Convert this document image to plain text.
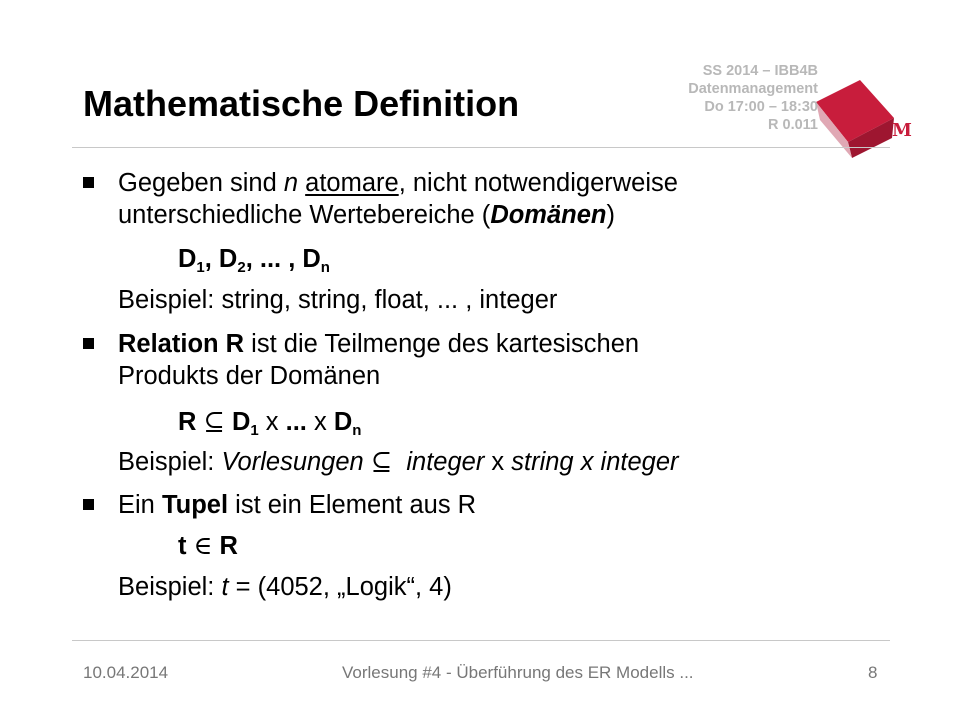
M
SS 2014 – IBB4B
Datenmanagement
Do 17:00 – 18:30
R 0.011
Mathematische Definition
Gegeben sind n atomare, nicht notwendigerweise
unterschiedliche Wertebereiche (Domänen)
$D_1$, $D_2$, ... , $D_n$
Beispiel: string, string, float, ... , integer
Relation R ist die Teilmenge des kartesischen
Produkts der Domänen
R ⊆ $D_1$ x ... x $D_n$
Beispiel: Vorlesungen ⊆  integer x string x integer
Ein Tupel ist ein Element aus R
t ∈ R
Beispiel: t = (4052, „Logik“, 4)
10.04.2014	Vorlesung #4 - Überführung des ER Modells ...	8
